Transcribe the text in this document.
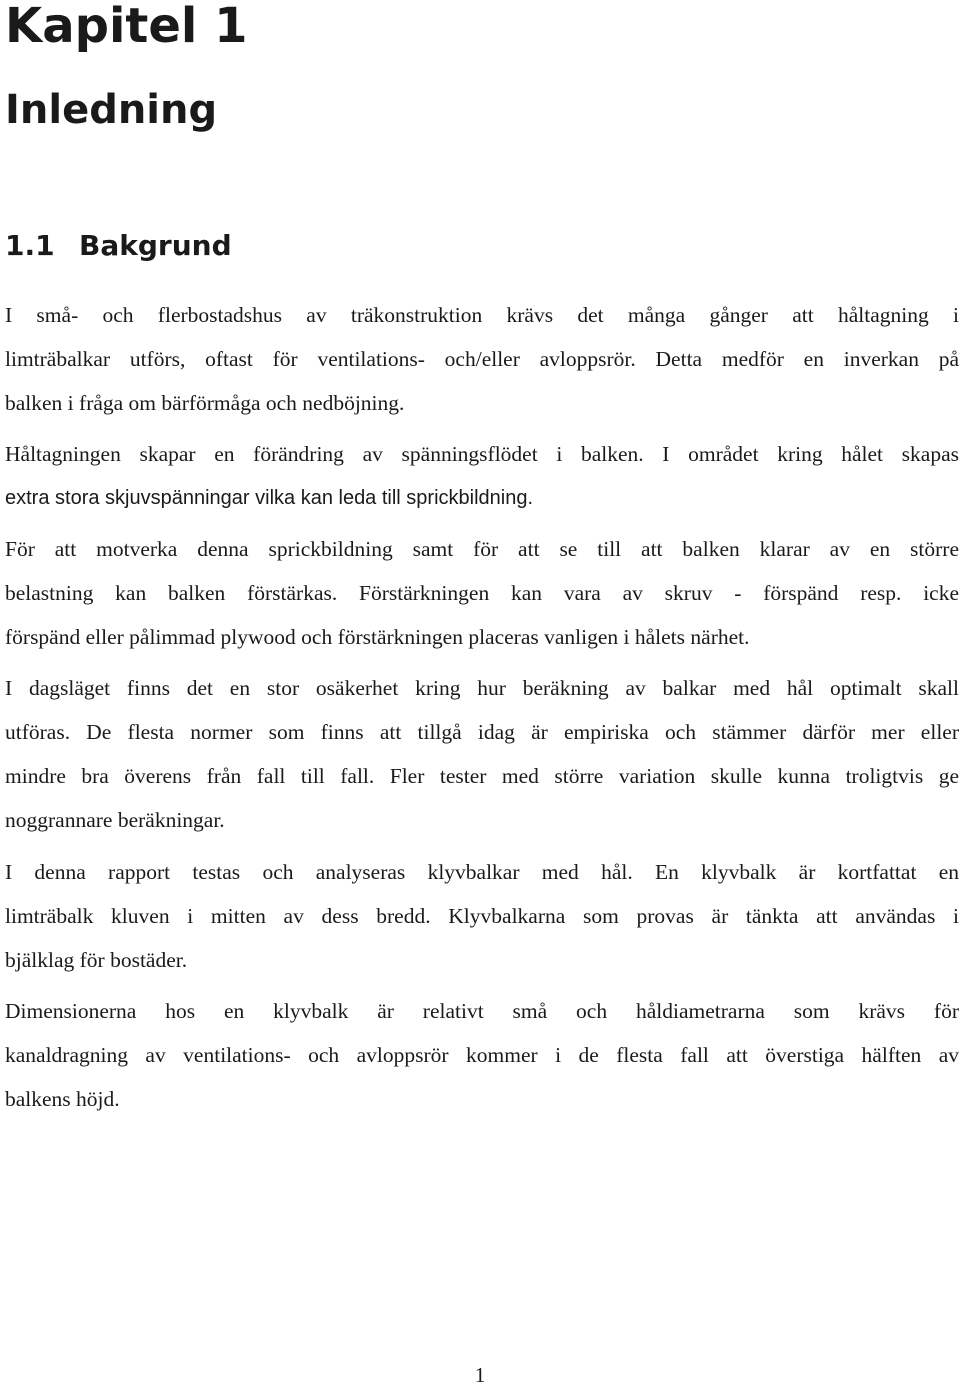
Kapitel 1
Inledning
1.1 Bakgrund

I små- och flerbostadshus av träkonstruktion krävs det många gånger att håltagning i
limträbalkar utförs, oftast för ventilations- och/eller avloppsrör. Detta medför en inverkan på
balken i fråga om bärförmåga och nedböjning.

Håltagningen skapar en förändring av spänningsflödet i balken. I området kring hålet skapas
extra stora skjuvspänningar vilka kan leda till sprickbildning.

För att motverka denna sprickbildning samt för att se till att balken klarar av en större
belastning kan balken förstärkas. Förstärkningen kan vara av skruv - förspänd resp. icke
förspänd eller pålimmad plywood och förstärkningen placeras vanligen i hålets närhet.

I dagsläget finns det en stor osäkerhet kring hur beräkning av balkar med hål optimalt skall
utföras. De flesta normer som finns att tillgå idag är empiriska och stämmer därför mer eller
mindre bra överens från fall till fall. Fler tester med större variation skulle kunna troligtvis ge
noggrannare beräkningar.

I denna rapport testas och analyseras klyvbalkar med hål. En klyvbalk är kortfattat en
limträbalk kluven i mitten av dess bredd. Klyvbalkarna som provas är tänkta att användas i
bjälklag för bostäder.

Dimensionerna hos en klyvbalk är relativt små och håldiametrarna som krävs för
kanaldragning av ventilations- och avloppsrör kommer i de flesta fall att överstiga hälften av
balkens höjd.

1
